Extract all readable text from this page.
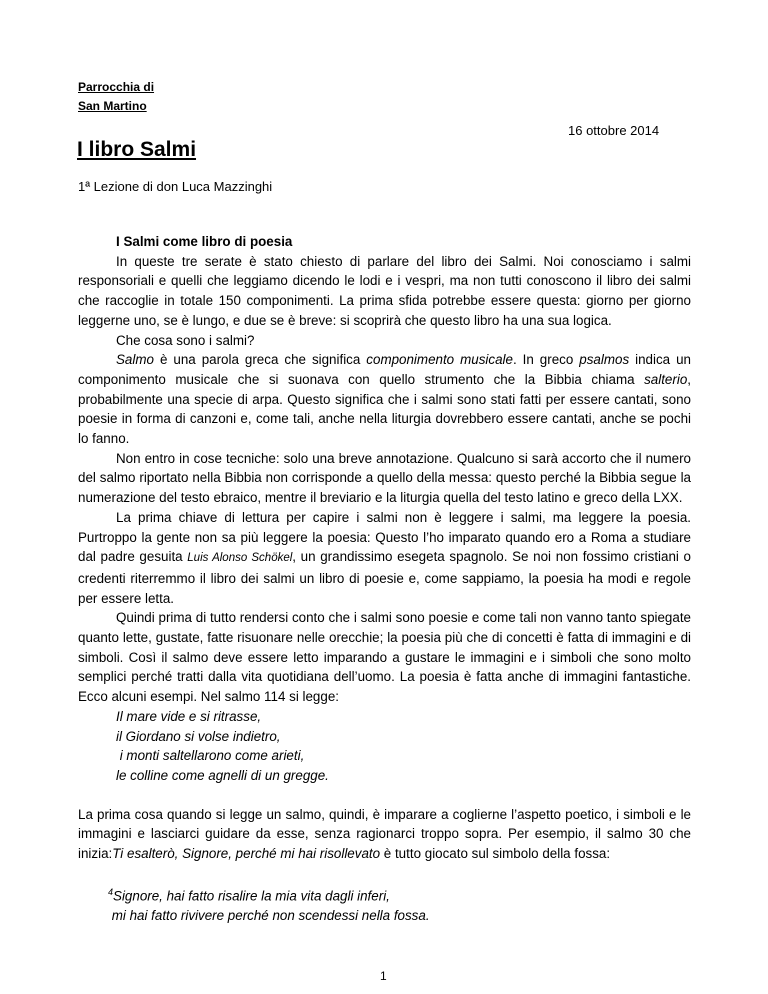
Parrocchia di
San Martino
16 ottobre 2014
I libro Salmi
1ª Lezione di don Luca Mazzinghi

I Salmi come libro di poesia

In queste tre serate è stato chiesto di parlare del libro dei Salmi. Noi conosciamo i salmi responsoriali e quelli che leggiamo dicendo le lodi e i vespri, ma non tutti conoscono il libro dei salmi che raccoglie in totale 150 componimenti. La prima sfida potrebbe essere questa: giorno per giorno leggerne uno, se è lungo, e due se è breve: si scoprirà che questo libro ha una sua logica.

Che cosa sono i salmi?

Salmo è una parola greca che significa componimento musicale. In greco psalmos indica un componimento musicale che si suonava con quello strumento che la Bibbia chiama salterio, probabilmente una specie di arpa. Questo significa che i salmi sono stati fatti per essere cantati, sono poesie in forma di canzoni e, come tali, anche nella liturgia dovrebbero essere cantati, anche se pochi lo fanno.

Non entro in cose tecniche: solo una breve annotazione. Qualcuno si sarà accorto che il numero del salmo riportato nella Bibbia non corrisponde a quello della messa: questo perché la Bibbia segue la numerazione del testo ebraico, mentre il breviario e la liturgia quella del testo latino e greco della LXX.

La prima chiave di lettura per capire i salmi non è leggere i salmi, ma leggere la poesia. Purtroppo la gente non sa più leggere la poesia: Questo l’ho imparato quando ero a Roma a studiare dal padre gesuita Luis Alonso Schökel, un grandissimo esegeta spagnolo. Se noi non fossimo cristiani o credenti riterremmo il libro dei salmi un libro di poesie e, come sappiamo, la poesia ha modi e regole per essere letta.

Quindi prima di tutto rendersi conto che i salmi sono poesie e come tali non vanno tanto spiegate quanto lette, gustate, fatte risuonare nelle orecchie; la poesia più che di concetti è fatta di immagini e di simboli. Così il salmo deve essere letto imparando a gustare le immagini e i simboli che sono molto semplici perché tratti dalla vita quotidiana dell’uomo. La poesia è fatta anche di immagini fantastiche. Ecco alcuni esempi. Nel salmo 114 si legge:

Il mare vide e si ritrasse,
il Giordano si volse indietro,
i monti saltellarono come arieti,
le colline come agnelli di un gregge.

La prima cosa quando si legge un salmo, quindi, è imparare a coglierne l’aspetto poetico, i simboli e le immagini e lasciarci guidare da esse, senza ragionarci troppo sopra. Per esempio, il salmo 30 che inizia:Ti esalterò, Signore, perché mi hai risollevato è tutto giocato sul simbolo della fossa:

$^4$Signore, hai fatto risalire la mia vita dagli inferi,
mi hai fatto rivivere perché non scendessi nella fossa.
1
